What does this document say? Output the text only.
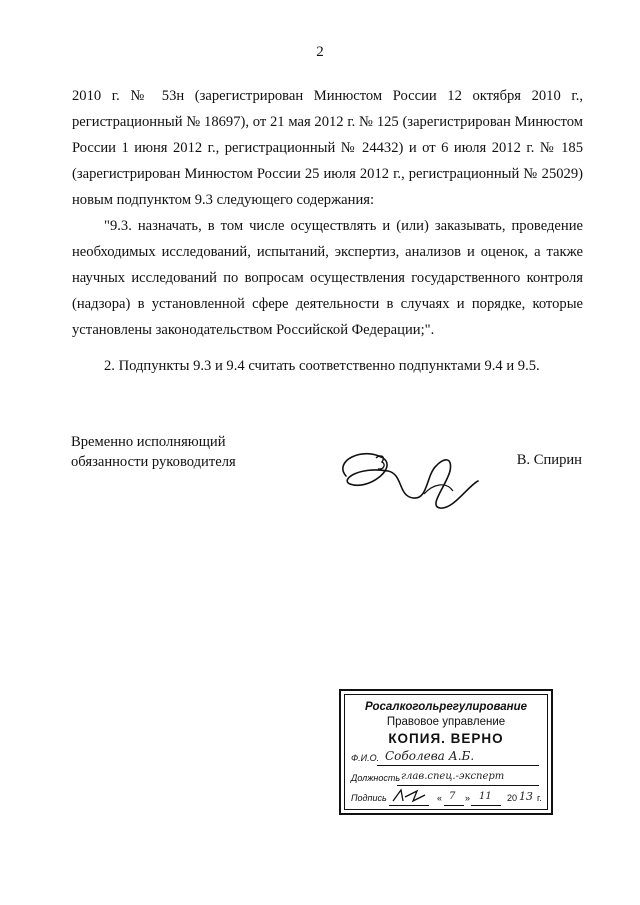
2

2010 г. № 53н (зарегистрирован Минюстом России 12 октября 2010 г., регистрационный № 18697), от 21 мая 2012 г. № 125 (зарегистрирован Минюстом России 1 июня 2012 г., регистрационный № 24432) и от 6 июля 2012 г. № 185 (зарегистрирован Минюстом России 25 июля 2012 г., регистрационный № 25029) новым подпунктом 9.3 следующего содержания:

"9.3. назначать, в том числе осуществлять и (или) заказывать, проведение необходимых исследований, испытаний, экспертиз, анализов и оценок, а также научных исследований по вопросам осуществления государственного контроля (надзора) в установленной сфере деятельности в случаях и порядке, которые установлены законодательством Российской Федерации;".

2. Подпункты 9.3 и 9.4 считать соответственно подпунктами 9.4 и 9.5.

Временно исполняющий
обязанности руководителя	В. Спирин
Росалкогольрегулирование
Правовое управление
КОПИЯ. ВЕРНО
Ф.И.О. Соболева А.Б.
Должность глав.спец.-эксперт
Подпись	« 7 » 11 20 13 г.
